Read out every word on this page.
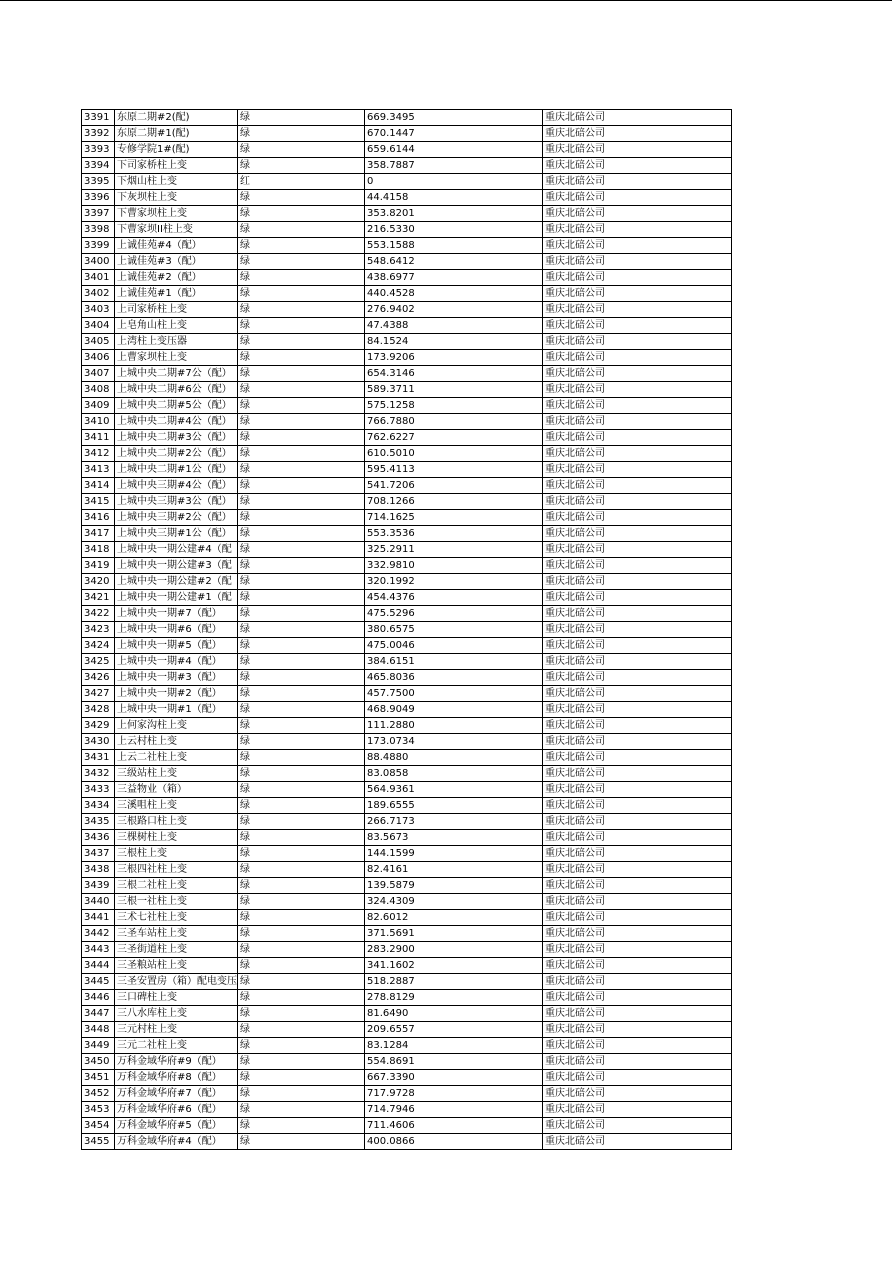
3391	东原二期#2(配)	绿	669.3495	重庆北碚公司
3392	东原二期#1(配)	绿	670.1447	重庆北碚公司
3393	专修学院1#(配)	绿	659.6144	重庆北碚公司
3394	下司家桥柱上变	绿	358.7887	重庆北碚公司
3395	下烟山柱上变	红	0	重庆北碚公司
3396	下灰坝柱上变	绿	44.4158	重庆北碚公司
3397	下曹家坝柱上变	绿	353.8201	重庆北碚公司
3398	下曹家坝II柱上变	绿	216.5330	重庆北碚公司
3399	上诚佳苑#4（配）	绿	553.1588	重庆北碚公司
3400	上诚佳苑#3（配）	绿	548.6412	重庆北碚公司
3401	上诚佳苑#2（配）	绿	438.6977	重庆北碚公司
3402	上诚佳苑#1（配）	绿	440.4528	重庆北碚公司
3403	上司家桥柱上变	绿	276.9402	重庆北碚公司
3404	上皂角山柱上变	绿	47.4388	重庆北碚公司
3405	上湾柱上变压器	绿	84.1524	重庆北碚公司
3406	上曹家坝柱上变	绿	173.9206	重庆北碚公司
3407	上城中央二期#7公（配）	绿	654.3146	重庆北碚公司
3408	上城中央二期#6公（配）	绿	589.3711	重庆北碚公司
3409	上城中央二期#5公（配）	绿	575.1258	重庆北碚公司
3410	上城中央二期#4公（配）	绿	766.7880	重庆北碚公司
3411	上城中央二期#3公（配）	绿	762.6227	重庆北碚公司
3412	上城中央二期#2公（配）	绿	610.5010	重庆北碚公司
3413	上城中央二期#1公（配）	绿	595.4113	重庆北碚公司
3414	上城中央三期#4公（配）	绿	541.7206	重庆北碚公司
3415	上城中央三期#3公（配）	绿	708.1266	重庆北碚公司
3416	上城中央三期#2公（配）	绿	714.1625	重庆北碚公司
3417	上城中央三期#1公（配）	绿	553.3536	重庆北碚公司
3418	上城中央一期公建#4（配	绿	325.2911	重庆北碚公司
3419	上城中央一期公建#3（配	绿	332.9810	重庆北碚公司
3420	上城中央一期公建#2（配	绿	320.1992	重庆北碚公司
3421	上城中央一期公建#1（配	绿	454.4376	重庆北碚公司
3422	上城中央一期#7（配）	绿	475.5296	重庆北碚公司
3423	上城中央一期#6（配）	绿	380.6575	重庆北碚公司
3424	上城中央一期#5（配）	绿	475.0046	重庆北碚公司
3425	上城中央一期#4（配）	绿	384.6151	重庆北碚公司
3426	上城中央一期#3（配）	绿	465.8036	重庆北碚公司
3427	上城中央一期#2（配）	绿	457.7500	重庆北碚公司
3428	上城中央一期#1（配）	绿	468.9049	重庆北碚公司
3429	上何家沟柱上变	绿	111.2880	重庆北碚公司
3430	上云村柱上变	绿	173.0734	重庆北碚公司
3431	上云二社柱上变	绿	88.4880	重庆北碚公司
3432	三级站柱上变	绿	83.0858	重庆北碚公司
3433	三益物业（箱）	绿	564.9361	重庆北碚公司
3434	三溪咀柱上变	绿	189.6555	重庆北碚公司
3435	三根路口柱上变	绿	266.7173	重庆北碚公司
3436	三棵树柱上变	绿	83.5673	重庆北碚公司
3437	三根柱上变	绿	144.1599	重庆北碚公司
3438	三根四社柱上变	绿	82.4161	重庆北碚公司
3439	三根二社柱上变	绿	139.5879	重庆北碚公司
3440	三根一社柱上变	绿	324.4309	重庆北碚公司
3441	三术七社柱上变	绿	82.6012	重庆北碚公司
3442	三圣车站柱上变	绿	371.5691	重庆北碚公司
3443	三圣街道柱上变	绿	283.2900	重庆北碚公司
3444	三圣粮站柱上变	绿	341.1602	重庆北碚公司
3445	三圣安置房（箱）配电变压	绿	518.2887	重庆北碚公司
3446	三口碑柱上变	绿	278.8129	重庆北碚公司
3447	三八水库柱上变	绿	81.6490	重庆北碚公司
3448	三元村柱上变	绿	209.6557	重庆北碚公司
3449	三元二社柱上变	绿	83.1284	重庆北碚公司
3450	万科金域华府#9（配）	绿	554.8691	重庆北碚公司
3451	万科金域华府#8（配）	绿	667.3390	重庆北碚公司
3452	万科金域华府#7（配）	绿	717.9728	重庆北碚公司
3453	万科金域华府#6（配）	绿	714.7946	重庆北碚公司
3454	万科金域华府#5（配）	绿	711.4606	重庆北碚公司
3455	万科金域华府#4（配）	绿	400.0866	重庆北碚公司
